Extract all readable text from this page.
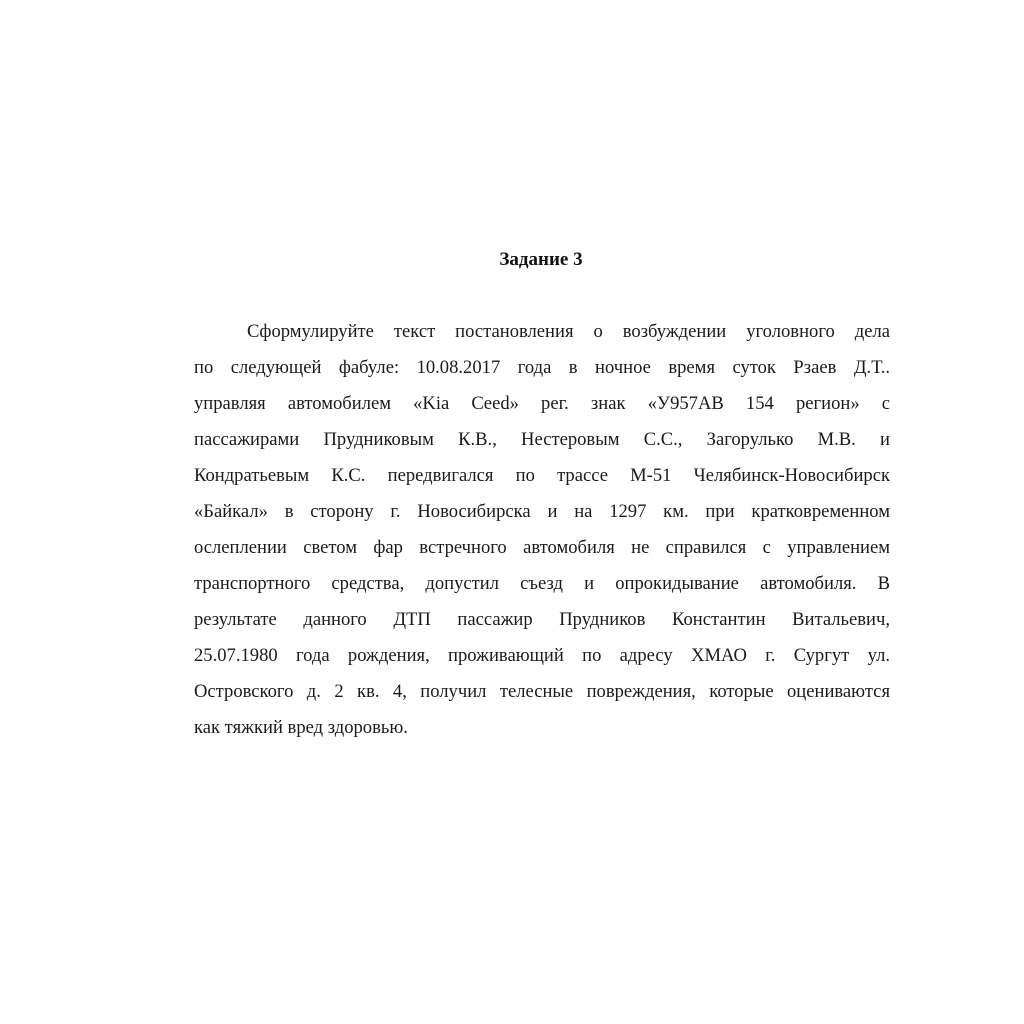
Задание 3
Сформулируйте текст постановления о возбуждении уголовного дела
по следующей фабуле: 10.08.2017 года в ночное время суток Рзаев Д.Т..
управляя автомобилем «Kia Ceed» рег. знак «У957АВ 154 регион» с
пассажирами Прудниковым К.В., Нестеровым С.С., Загорулько М.В. и
Кондратьевым К.С. передвигался по трассе М-51 Челябинск-Новосибирск
«Байкал» в сторону г. Новосибирска и на 1297 км. при кратковременном
ослеплении светом фар встречного автомобиля не справился с управлением
транспортного средства, допустил съезд и опрокидывание автомобиля. В
результате данного ДТП пассажир Прудников Константин Витальевич,
25.07.1980 года рождения, проживающий по адресу ХМАО г. Сургут ул.
Островского д. 2 кв. 4, получил телесные повреждения, которые оцениваются
как тяжкий вред здоровью.
